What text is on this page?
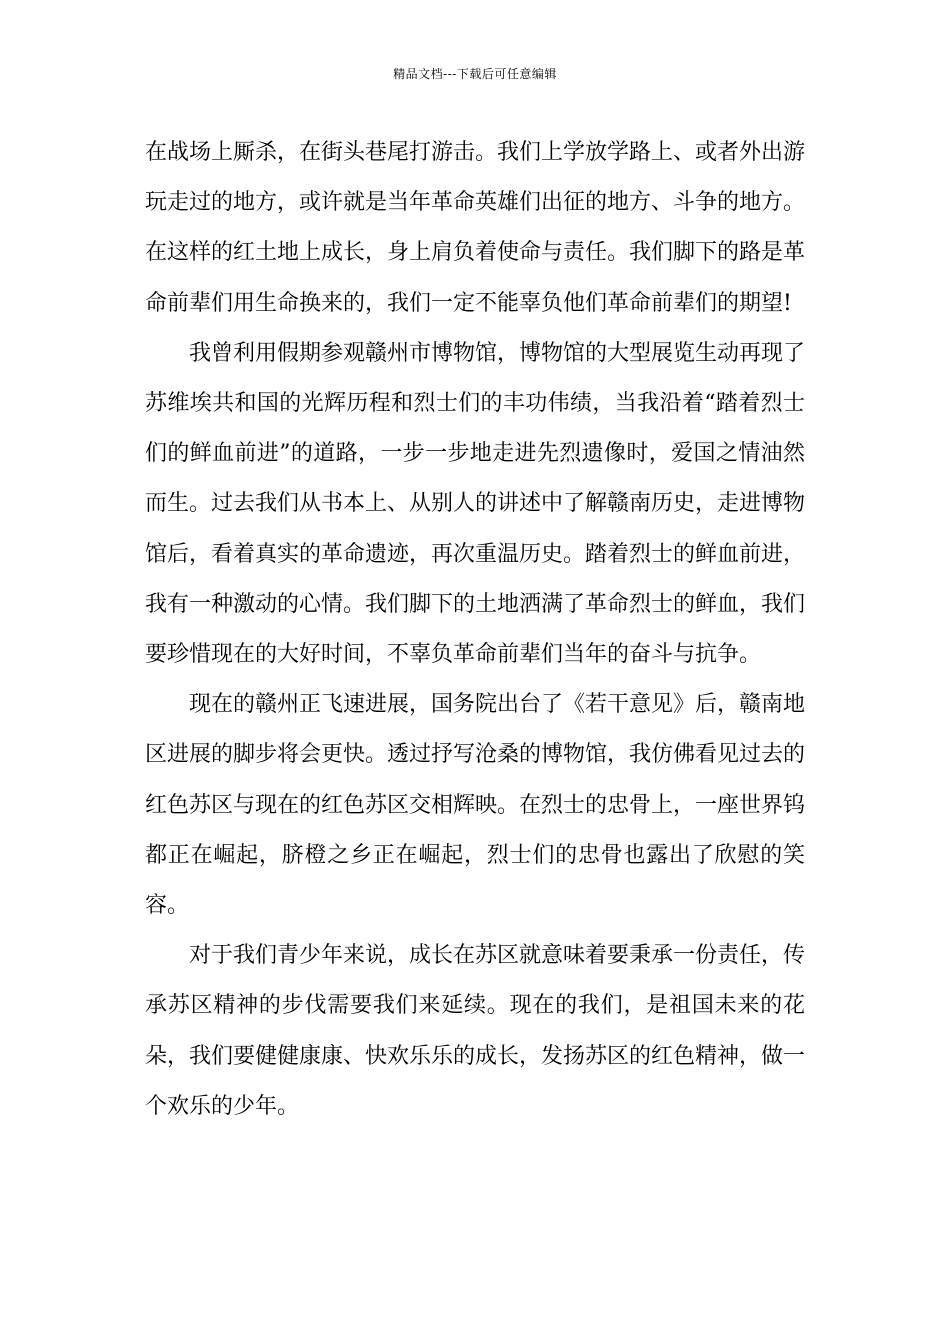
精品文档---下载后可任意编辑

在战场上厮杀，在街头巷尾打游击。我们上学放学路上、或者外出游玩走过的地方，或许就是当年革命英雄们出征的地方、斗争的地方。在这样的红土地上成长，身上肩负着使命与责任。我们脚下的路是革命前辈们用生命换来的，我们一定不能辜负他们革命前辈们的期望!

我曾利用假期参观赣州市博物馆，博物馆的大型展览生动再现了苏维埃共和国的光辉历程和烈士们的丰功伟绩，当我沿着“踏着烈士们的鲜血前进”的道路，一步一步地走进先烈遗像时，爱国之情油然而生。过去我们从书本上、从别人的讲述中了解赣南历史，走进博物馆后，看着真实的革命遗迹，再次重温历史。踏着烈士的鲜血前进，我有一种激动的心情。我们脚下的土地洒满了革命烈士的鲜血，我们要珍惜现在的大好时间，不辜负革命前辈们当年的奋斗与抗争。

现在的赣州正飞速进展，国务院出台了《若干意见》后，赣南地区进展的脚步将会更快。透过抒写沧桑的博物馆，我仿佛看见过去的红色苏区与现在的红色苏区交相辉映。在烈士的忠骨上，一座世界钨都正在崛起，脐橙之乡正在崛起，烈士们的忠骨也露出了欣慰的笑容。

对于我们青少年来说，成长在苏区就意味着要秉承一份责任，传承苏区精神的步伐需要我们来延续。现在的我们，是祖国未来的花朵，我们要健健康康、快欢乐乐的成长，发扬苏区的红色精神，做一个欢乐的少年。
